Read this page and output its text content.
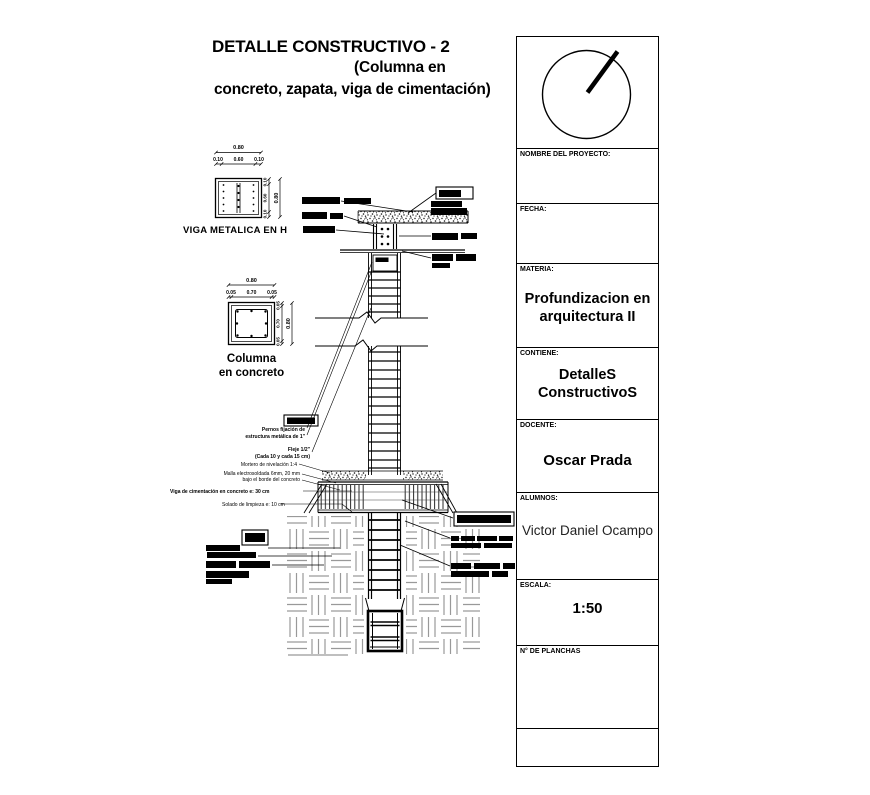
DETALLE CONSTRUCTIVO - 2
(Columna en
concreto, zapata, viga de cimentación)
0.80
0.10 0.60 0.10
0.10
0.60
0.10
0.80
VIGA METALICA EN H
0.80
0.05 0.70 0.05
0.05
0.70
0.05
0.80
Columna
en concreto
Pernos fijación de
estructura metálica de 1"
Fleje 1/2"
(Cada 10 y cada 15 cm)
Mortero de nivelación 1:4
Malla electrosoldada 6mm, 20 mm
bajo el borde del concreto
Viga de cimentación en concreto e: 30 cm
Solado de limpieza e: 10 cm
NOMBRE DEL PROYECTO:
FECHA:
MATERIA:
Profundizacion en arquitectura II
CONTIENE:
DetalleS ConstructivoS
DOCENTE:
Oscar Prada
ALUMNOS:
Victor Daniel Ocampo
ESCALA:
1:50
N° DE PLANCHAS
